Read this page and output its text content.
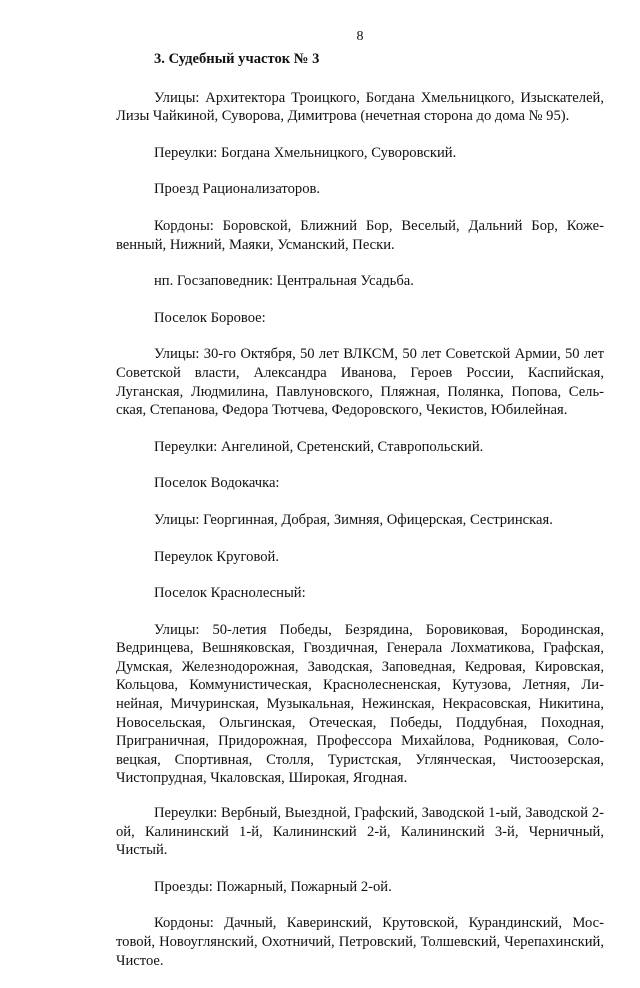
8
3. Судебный участок № 3

Улицы: Архитектора Троицкого, Богдана Хмельницкого, Изыскателей, Лизы Чайкиной, Суворова, Димитрова (нечетная сторона до дома № 95).

Переулки: Богдана Хмельницкого, Суворовский.

Проезд Рационализаторов.

Кордоны: Боровской, Ближний Бор, Веселый, Дальний Бор, Кожевенный, Нижний, Маяки, Усманский, Пески.

нп. Госзаповедник: Центральная Усадьба.

Поселок Боровое:

Улицы: 30-го Октября, 50 лет ВЛКСМ, 50 лет Советской Армии, 50 лет Советской власти, Александра Иванова, Героев России, Каспийская, Луганская, Людмилина, Павлуновского, Пляжная, Полянка, Попова, Сельская, Степанова, Федора Тютчева, Федоровского, Чекистов, Юбилейная.

Переулки: Ангелиной, Сретенский, Ставропольский.

Поселок Водокачка:

Улицы: Георгинная, Добрая, Зимняя, Офицерская, Сестринская.

Переулок Круговой.

Поселок Краснолесный:

Улицы: 50-летия Победы, Безрядина, Боровиковая, Бородинская, Ведринцева, Вешняковская, Гвоздичная, Генерала Лохматикова, Графская, Думская, Железнодорожная, Заводская, Заповедная, Кедровая, Кировская, Кольцова, Коммунистическая, Краснолесненская, Кутузова, Летняя, Линейная, Мичуринская, Музыкальная, Нежинская, Некрасовская, Никитина, Новосельская, Ольгинская, Отеческая, Победы, Поддубная, Походная, Приграничная, Придорожная, Профессора Михайлова, Родниковая, Соловецкая, Спортивная, Столля, Туристская, Углянческая, Чистоозерская, Чистопрудная, Чкаловская, Широкая, Ягодная.

Переулки: Вербный, Выездной, Графский, Заводской 1-ый, Заводской 2-ой, Калининский 1-й, Калининский 2-й, Калининский 3-й, Черничный, Чистый.

Проезды: Пожарный, Пожарный 2-ой.

Кордоны: Дачный, Каверинский, Крутовской, Курандинский, Мостовой, Новоуглянский, Охотничий, Петровский, Толшевский, Черепахинский, Чистое.
